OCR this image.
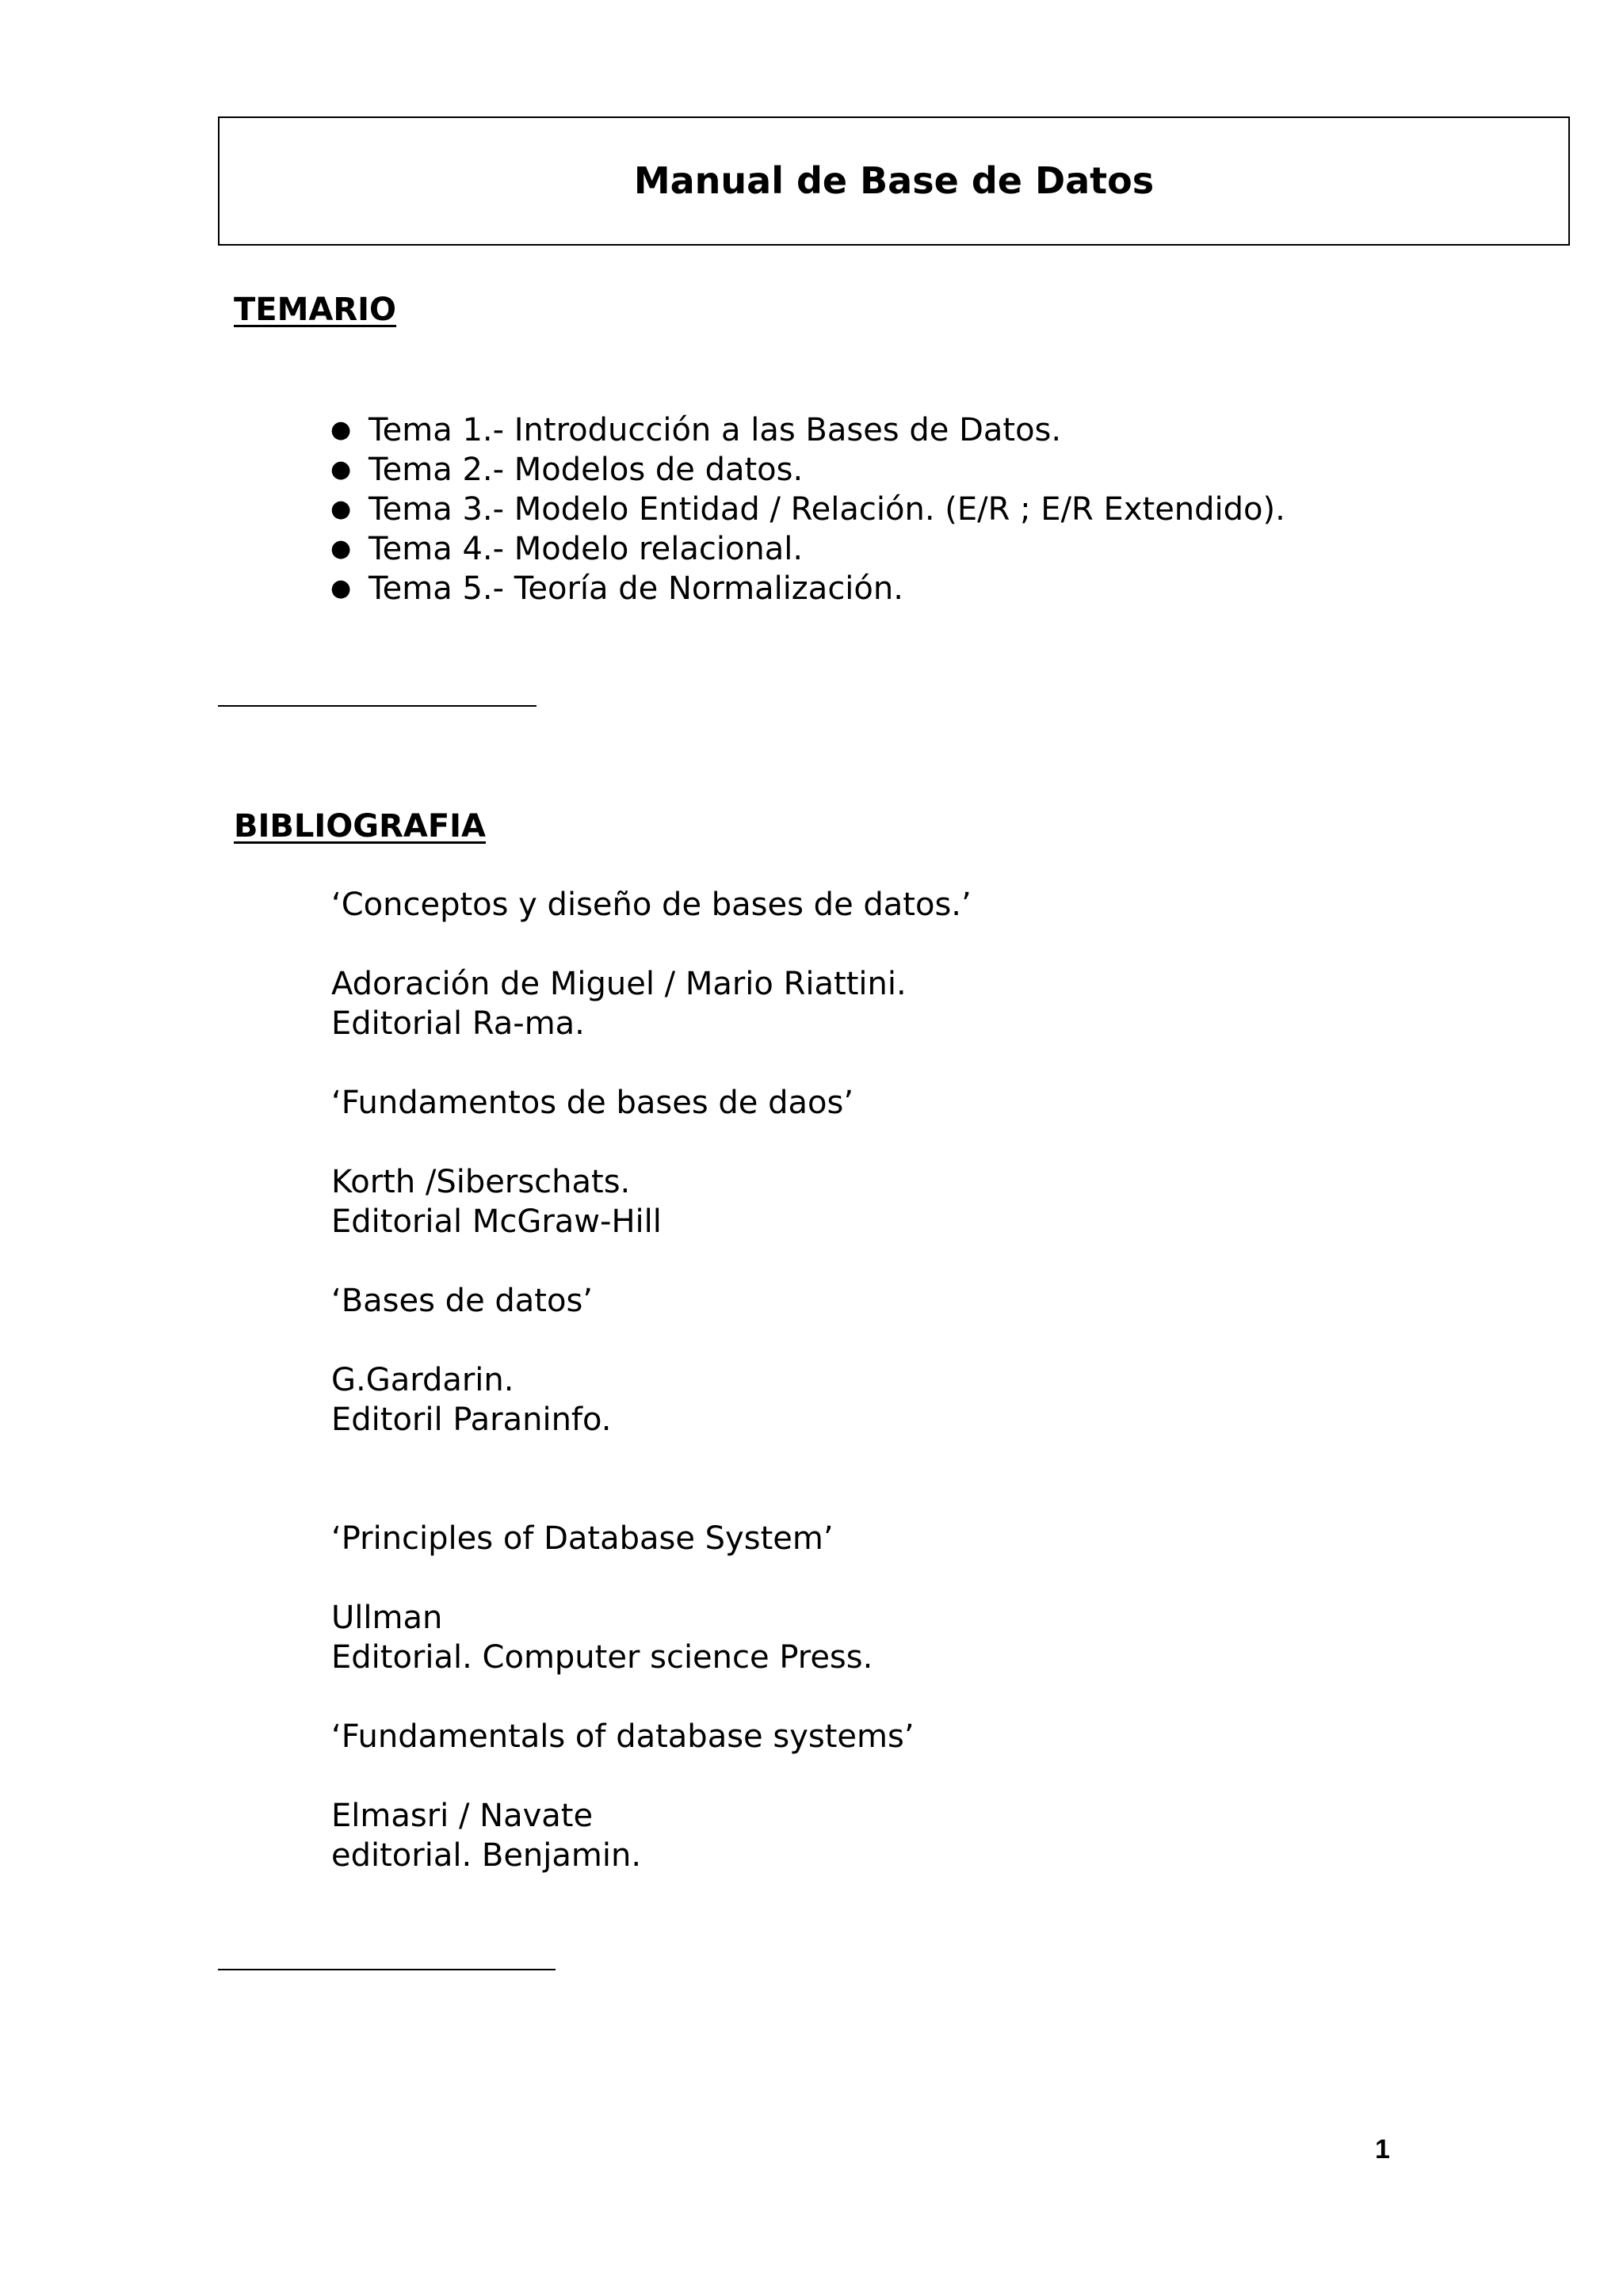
Manual de Base de Datos
TEMARIO
● Tema 1.- Introducción a las Bases de Datos.
● Tema 2.- Modelos de datos.
● Tema 3.- Modelo Entidad / Relación. (E/R ; E/R Extendido).
● Tema 4.- Modelo relacional.
● Tema 5.- Teoría de Normalización.
BIBLIOGRAFIA
‘Conceptos y diseño de bases de datos.’
Adoración de Miguel / Mario Riattini.
Editorial Ra-ma.
‘Fundamentos de bases de daos’
Korth /Siberschats.
Editorial McGraw-Hill
‘Bases de datos’
G.Gardarin.
Editoril Paraninfo.
‘Principles of Database System’
Ullman
Editorial. Computer science Press.
‘Fundamentals of database systems’
Elmasri / Navate
editorial. Benjamin.
1
